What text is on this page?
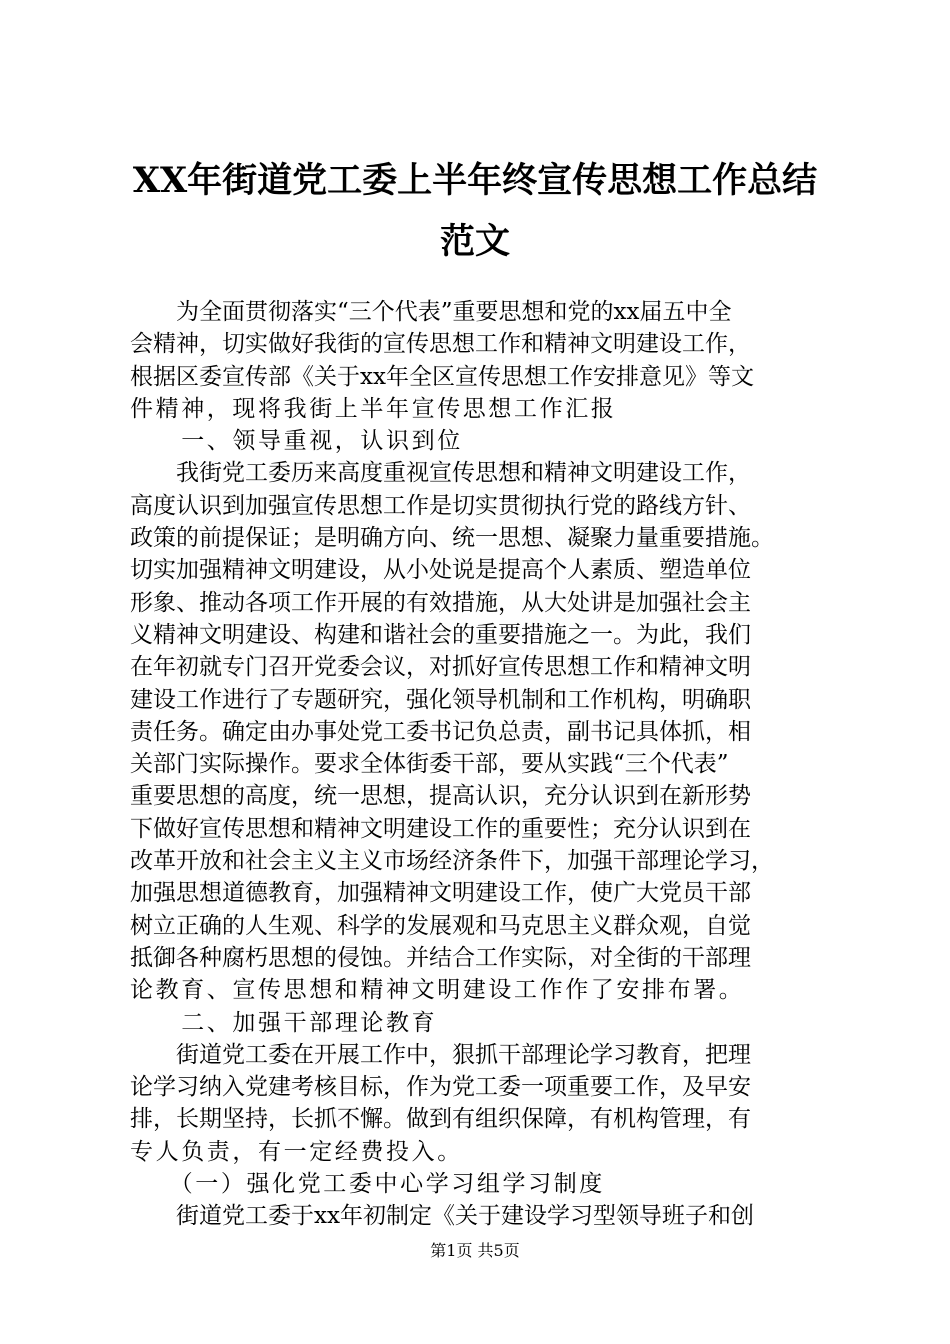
XX年街道党工委上半年终宣传思想工作总结
范文
　　为全面贯彻落实“三个代表”重要思想和党的xx届五中全
会精神，切实做好我街的宣传思想工作和精神文明建设工作，
根据区委宣传部《关于xx年全区宣传思想工作安排意见》等文
件精神，现将我街上半年宣传思想工作汇报
　　一、领导重视，认识到位
　　我街党工委历来高度重视宣传思想和精神文明建设工作，
高度认识到加强宣传思想工作是切实贯彻执行党的路线方针、
政策的前提保证；是明确方向、统一思想、凝聚力量重要措施。
切实加强精神文明建设，从小处说是提高个人素质、塑造单位
形象、推动各项工作开展的有效措施，从大处讲是加强社会主
义精神文明建设、构建和谐社会的重要措施之一。为此，我们
在年初就专门召开党委会议，对抓好宣传思想工作和精神文明
建设工作进行了专题研究，强化领导机制和工作机构，明确职
责任务。确定由办事处党工委书记负总责，副书记具体抓，相
关部门实际操作。要求全体街委干部，要从实践“三个代表”
重要思想的高度，统一思想，提高认识，充分认识到在新形势
下做好宣传思想和精神文明建设工作的重要性；充分认识到在
改革开放和社会主义主义市场经济条件下，加强干部理论学习，
加强思想道德教育，加强精神文明建设工作，使广大党员干部
树立正确的人生观、科学的发展观和马克思主义群众观，自觉
抵御各种腐朽思想的侵蚀。并结合工作实际，对全街的干部理
论教育、宣传思想和精神文明建设工作作了安排布署。
　　二、加强干部理论教育
　　街道党工委在开展工作中，狠抓干部理论学习教育，把理
论学习纳入党建考核目标，作为党工委一项重要工作，及早安
排，长期坚持，长抓不懈。做到有组织保障，有机构管理，有
专人负责，有一定经费投入。
　　（一）强化党工委中心学习组学习制度
　　街道党工委于xx年初制定《关于建设学习型领导班子和创
第1页 共5页
